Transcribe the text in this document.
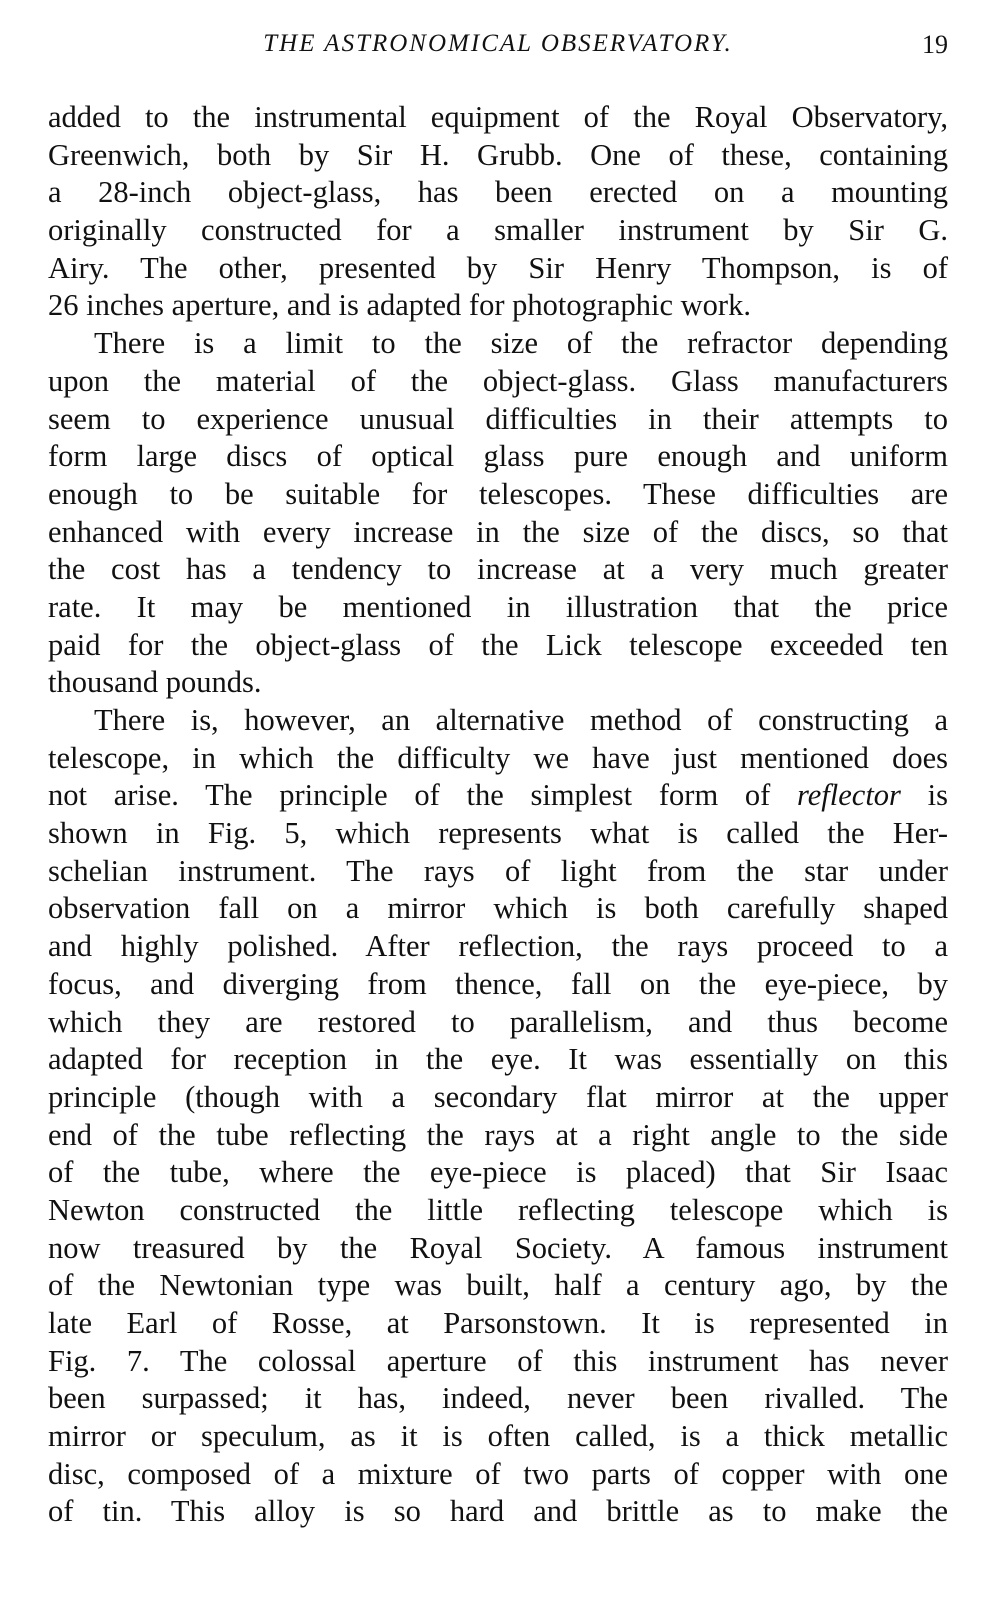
THE ASTRONOMICAL OBSERVATORY.	19
added to the instrumental equipment of the Royal Observatory,
Greenwich, both by Sir H. Grubb. One of these, containing
a 28-inch object-glass, has been erected on a mounting
originally constructed for a smaller instrument by Sir G.
Airy. The other, presented by Sir Henry Thompson, is of
26 inches aperture, and is adapted for photographic work.
There is a limit to the size of the refractor depending
upon the material of the object-glass. Glass manufacturers
seem to experience unusual difficulties in their attempts to
form large discs of optical glass pure enough and uniform
enough to be suitable for telescopes. These difficulties are
enhanced with every increase in the size of the discs, so that
the cost has a tendency to increase at a very much greater
rate. It may be mentioned in illustration that the price
paid for the object-glass of the Lick telescope exceeded ten
thousand pounds.
There is, however, an alternative method of constructing a
telescope, in which the difficulty we have just mentioned does
not arise. The principle of the simplest form of reflector is
shown in Fig. 5, which represents what is called the Her-
schelian instrument. The rays of light from the star under
observation fall on a mirror which is both carefully shaped
and highly polished. After reflection, the rays proceed to a
focus, and diverging from thence, fall on the eye-piece, by
which they are restored to parallelism, and thus become
adapted for reception in the eye. It was essentially on this
principle (though with a secondary flat mirror at the upper
end of the tube reflecting the rays at a right angle to the side
of the tube, where the eye-piece is placed) that Sir Isaac
Newton constructed the little reflecting telescope which is
now treasured by the Royal Society. A famous instrument
of the Newtonian type was built, half a century ago, by the
late Earl of Rosse, at Parsonstown. It is represented in
Fig. 7. The colossal aperture of this instrument has never
been surpassed; it has, indeed, never been rivalled. The
mirror or speculum, as it is often called, is a thick metallic
disc, composed of a mixture of two parts of copper with one
of tin. This alloy is so hard and brittle as to make the
